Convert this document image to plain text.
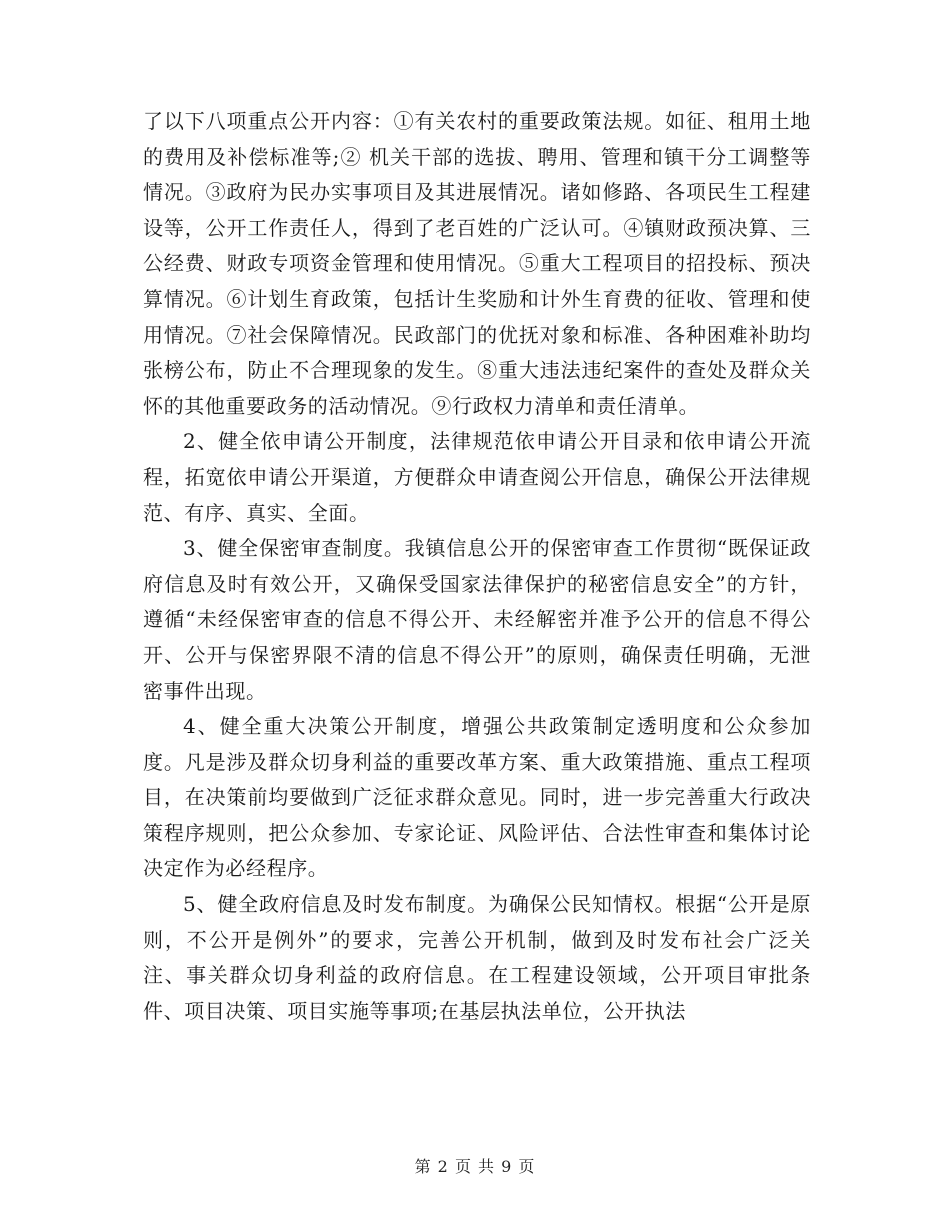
了以下八项重点公开内容：①有关农村的重要政策法规。如征、租用土地的费用及补偿标准等;② 机关干部的选拔、聘用、管理和镇干分工调整等情况。③政府为民办实事项目及其进展情况。诸如修路、各项民生工程建设等，公开工作责任人，得到了老百姓的广泛认可。④镇财政预决算、三公经费、财政专项资金管理和使用情况。⑤重大工程项目的招投标、预决算情况。⑥计划生育政策，包括计生奖励和计外生育费的征收、管理和使用情况。⑦社会保障情况。民政部门的优抚对象和标准、各种困难补助均张榜公布，防止不合理现象的发生。⑧重大违法违纪案件的查处及群众关怀的其他重要政务的活动情况。⑨行政权力清单和责任清单。

2、健全依申请公开制度，法律规范依申请公开目录和依申请公开流程，拓宽依申请公开渠道，方便群众申请查阅公开信息，确保公开法律规范、有序、真实、全面。

3、健全保密审查制度。我镇信息公开的保密审查工作贯彻“既保证政府信息及时有效公开，又确保受国家法律保护的秘密信息安全”的方针，遵循“未经保密审查的信息不得公开、未经解密并准予公开的信息不得公开、公开与保密界限不清的信息不得公开”的原则，确保责任明确，无泄密事件出现。

4、健全重大决策公开制度，增强公共政策制定透明度和公众参加度。凡是涉及群众切身利益的重要改革方案、重大政策措施、重点工程项目，在决策前均要做到广泛征求群众意见。同时，进一步完善重大行政决策程序规则，把公众参加、专家论证、风险评估、合法性审查和集体讨论决定作为必经程序。

5、健全政府信息及时发布制度。为确保公民知情权。根据“公开是原则，不公开是例外”的要求，完善公开机制，做到及时发布社会广泛关注、事关群众切身利益的政府信息。在工程建设领域，公开项目审批条件、项目决策、项目实施等事项;在基层执法单位，公开执法

第 2 页 共 9 页
